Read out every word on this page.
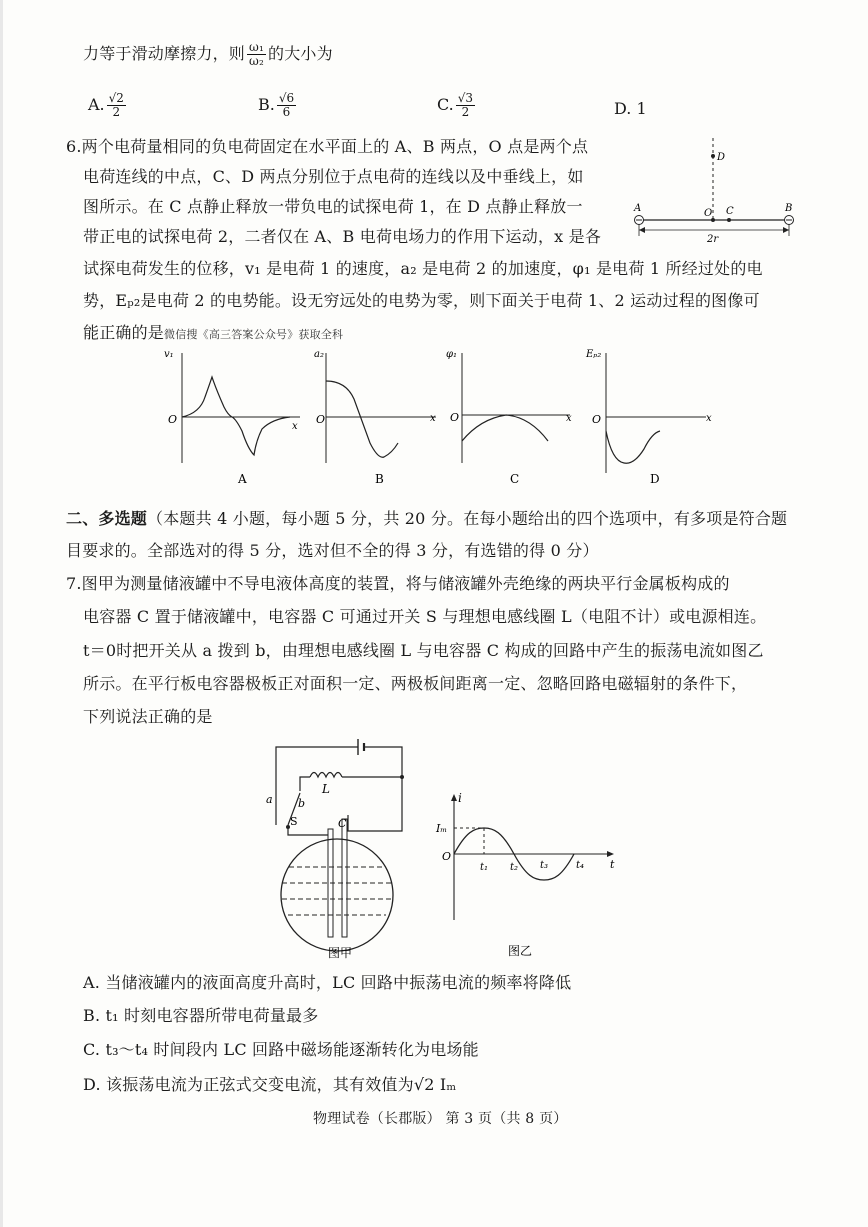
力等于滑动摩擦力，则 $\frac{\text{ω₁}}{\text{ω₂}}$ 的大小为
A. $\frac{√2}{2}$	B. $\frac{√6}{6}$	C. $\frac{√3}{2}$	D. 1
6.两个电荷量相同的负电荷固定在水平面上的 A、B 两点，O 点是两个点
电荷连线的中点，C、D 两点分别位于点电荷的连线以及中垂线上，如
图所示。在 C 点静止释放一带负电的试探电荷 1，在 D 点静止释放一
带正电的试探电荷 2，二者仅在 A、B 电荷电场力的作用下运动，x 是各
试探电荷发生的位移，v₁ 是电荷 1 的速度，a₂ 是电荷 2 的加速度，φ₁ 是电荷 1 所经过处的电
势，Eₚ₂是电荷 2 的电势能。设无穷远处的电势为零，则下面关于电荷 1、2 运动过程的图像可
能正确的是微信搜《高三答案公众号》获取全科
D
A	O C	B
2r
v₁
O
x
A
a₂
O	x
B
φ₁
O	x
C
Eₚ₂
O	x
D
二、多选题（本题共 4 小题，每小题 5 分，共 20 分。在每小题给出的四个选项中，有多项是符合题
目要求的。全部选对的得 5 分，选对但不全的得 3 分，有选错的得 0 分）
7.图甲为测量储液罐中不导电液体高度的装置，将与储液罐外壳绝缘的两块平行金属板构成的
电容器 C 置于储液罐中，电容器 C 可通过开关 S 与理想电感线圈 L（电阻不计）或电源相连。
t＝0时把开关从 a 拨到 b，由理想电感线圈 L 与电容器 C 构成的回路中产生的振荡电流如图乙
所示。在平行板电容器极板正对面积一定、两极板间距离一定、忽略回路电磁辐射的条件下，
下列说法正确的是
L
a b
S	C
图甲
i
Iₘ
O
t₁ t₂ t₃	t₄ t
图乙
A. 当储液罐内的液面高度升高时，LC 回路中振荡电流的频率将降低
B. t₁ 时刻电容器所带电荷量最多
C. t₃～t₄ 时间段内 LC 回路中磁场能逐渐转化为电场能
D. 该振荡电流为正弦式交变电流，其有效值为√2 Iₘ
物理试卷（长郡版） 第 3 页（共 8 页）
